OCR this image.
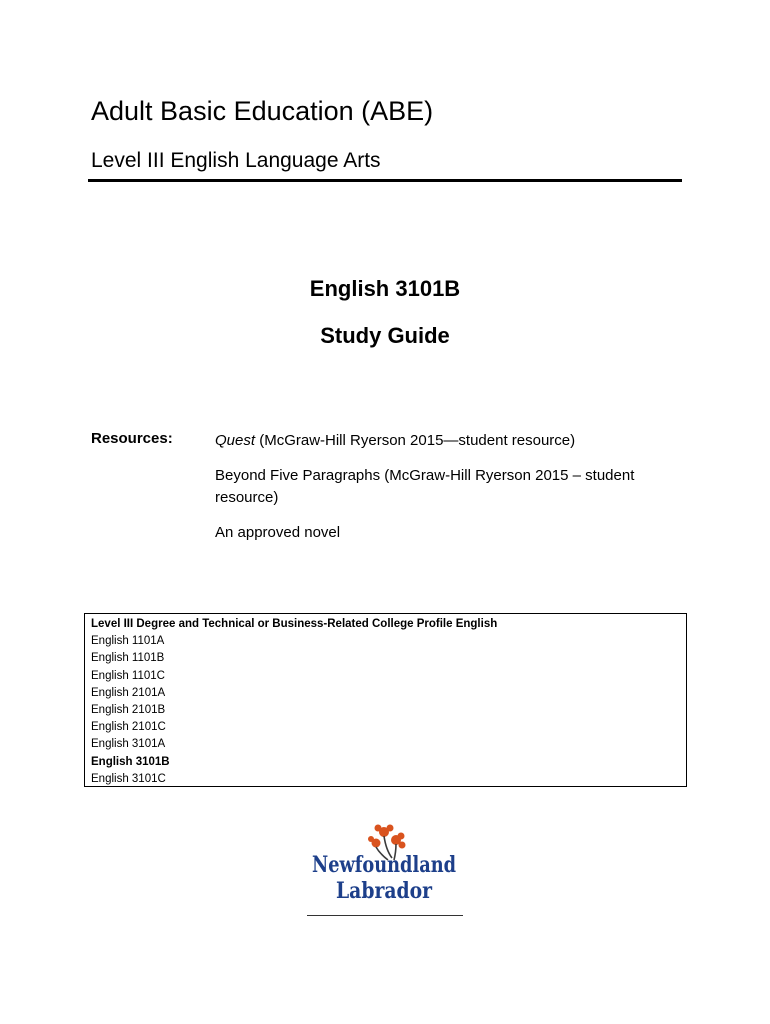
Adult Basic Education (ABE)
Level III English Language Arts
English 3101B
Study Guide
Resources:	Quest (McGraw-Hill Ryerson 2015—student resource)
Beyond Five Paragraphs (McGraw-Hill Ryerson 2015 – student resource)
An approved novel
Level III Degree and Technical or Business-Related College Profile English
English 1101A
English 1101B
English 1101C
English 2101A
English 2101B
English 2101C
English 3101A
English 3101B
English 3101C
Newfoundland
Labrador
